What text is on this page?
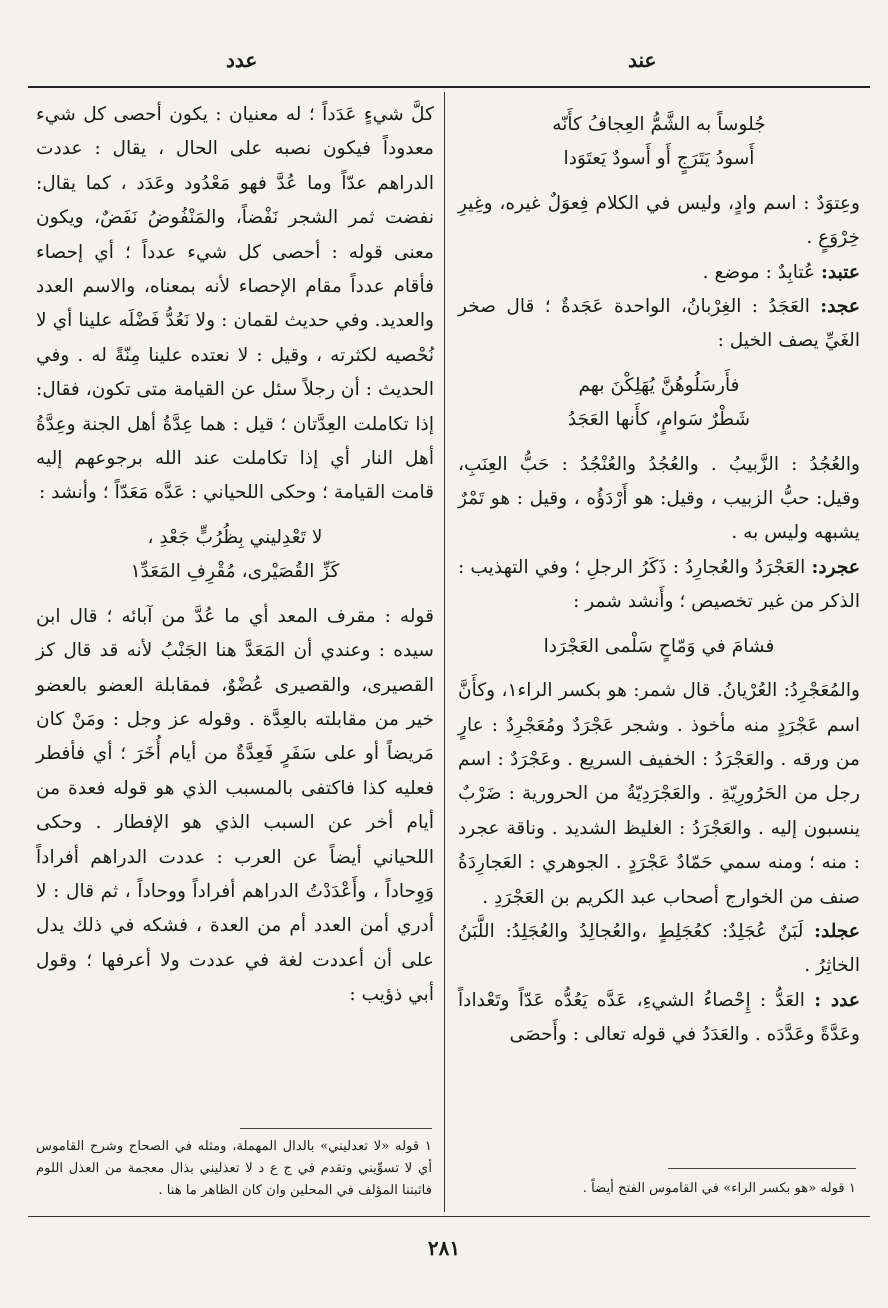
عدد	عند

جُلوساً به الشَّمُّ العِجافُ كأَنّه

أَسودُ يَتَرَجٍ أَو أَسودٌ يَعتَوَدا

وعِتوَدٌ : اسم وادٍ، وليس في الكلام فِعوَلٌ غيره، وغِيرِ خِرْوَعٍ .

عتبد: عُتابِدٌ : موضع .

عجد: العَجَدُ : الغِرْبانُ، الواحدة عَجَدةٌ ؛ قال صخر الغَيِّ يصف الخيل :

فأَرسَلُوهُنَّ يُهَلِكْنَ بهم

شَطْرٌ سَوامٍ، كأَنها العَجَدُ

والعُجُدُ : الزَّبيبُ . والعُجُدُ والعُنْجُدُ : حَبُّ العِنَبِ، وقيل: حبُّ الزبيب ، وقيل: هو أَرْدَؤُه ، وقيل : هو تَمْرٌ يشبهه وليس به .

عجرد: العَجْرَدُ والعُجارِدُ : ذَكَرُ الرجلِ ؛ وفي التهذيب : الذكر من غير تخصيص ؛ وأَنشد شمر :

فشامَ في وَمّاحٍ سَلْمى العَجْرَدا

والمُعَجْرِدُ: العُرْيانُ. قال شمر: هو بكسر الراء١، وكأَنَّ اسم عَجْرَدٍ منه مأخوذ . وشجر عَجْرَدٌ ومُعَجْرِدٌ : عارٍ من ورقه . والعَجْرَدُ : الخفيف السريع . وعَجْرَدٌ : اسم رجل من الحَرُورِيّةِ . والعَجْرَدِيّةُ من الحرورية : ضَرْبٌ ينسبون إليه . والعَجْرَدُ : الغليظ الشديد . وناقة عجرد : منه ؛ ومنه سمي حَمّادٌ عَجْرَدٍ . الجوهري : العَجارِدَةُ صنف من الخوارج أصحاب عبد الكريم بن العَجْرَدِ .

عجلد: لَبَنٌ عُجَلِدٌ: كعُجَلِطٍ ،والعُجالِدُ والعُجَلِدُ: اللَّبَنُ الخاثِرُ .

عدد : العَدُّ : إِحْصاءُ الشيءِ، عَدَّه يَعُدُّه عَدّاً وتَعْداداً وعَدَّةً وعَدَّدَه . والعَدَدُ في قوله تعالى : وأَحصَى

كلَّ شيءٍ عَدَداً ؛ له معنيان : يكون أحصى كل شيء معدوداً فيكون نصبه على الحال ، يقال : عددت الدراهم عدّاً وما عُدَّ فهو مَعْدُود وعَدَد ، كما يقال: نفضت ثمر الشجر نَفْضاً، والمَنْفُوضُ نَفَضٌ، ويكون معنى قوله : أحصى كل شيء عدداً ؛ أي إحصاء فأقام عدداً مقام الإحصاء لأنه بمعناه، والاسم العدد والعديد. وفي حديث لقمان : ولا نَعُدُّ فَضْلَه علينا أي لا نُحْصيه لكثرته ، وقيل : لا نعتده علينا مِنّةً له . وفي الحديث : أن رجلاً سئل عن القيامة متى تكون، فقال: إذا تكاملت العِدَّتان ؛ قيل : هما عِدَّةُ أهل الجنة وعِدَّةُ أهل النار أي إذا تكاملت عند الله برجوعهم إليه قامت القيامة ؛ وحكى اللحياني : عَدَّه مَعَدّاً ؛ وأنشد :

لا تَعْدِليني بِظُرُبٍّ جَعْدِ ،

كَزِّ القُصَيْرى، مُقْرِفِ المَعَدِّ١

قوله : مقرف المعد أي ما عُدَّ من آبائه ؛ قال ابن سيده : وعندي أن المَعَدَّ هنا الجَنْبُ لأنه قد قال كز القصيرى، والقصيرى عُضْوٌ، فمقابلة العضو بالعضو خير من مقابلته بالعِدَّة . وقوله عز وجل : ومَنْ كان مَريضاً أو على سَفَرٍ فَعِدَّةٌ من أيام أُخَرَ ؛ أي فأفطر فعليه كذا فاكتفى بالمسبب الذي هو قوله فعدة من أيام أخر عن السبب الذي هو الإفطار . وحكى اللحياني أيضاً عن العرب : عددت الدراهم أفراداً وَوِحاداً ، وأَعْدَدْتُ الدراهم أفراداً ووحاداً ، ثم قال : لا أدري أمن العدد أم من العدة ، فشكه في ذلك يدل على أن أعددت لغة في عددت ولا أعرفها ؛ وقول أبي ذؤيب :

١ قوله «هو بكسر الراء» في القاموس الفتح أيضاً .
١ قوله «لا تعدليني» بالدال المهملة، ومثله في الصحاح وشرح القاموس أي لا تسوِّيني وتقدم في ج ع د لا تعذليني بذال معجمة من العذل اللوم فاثبتنا المؤلف في المحلين وان كان الظاهر ما هنا .
٢٨١
